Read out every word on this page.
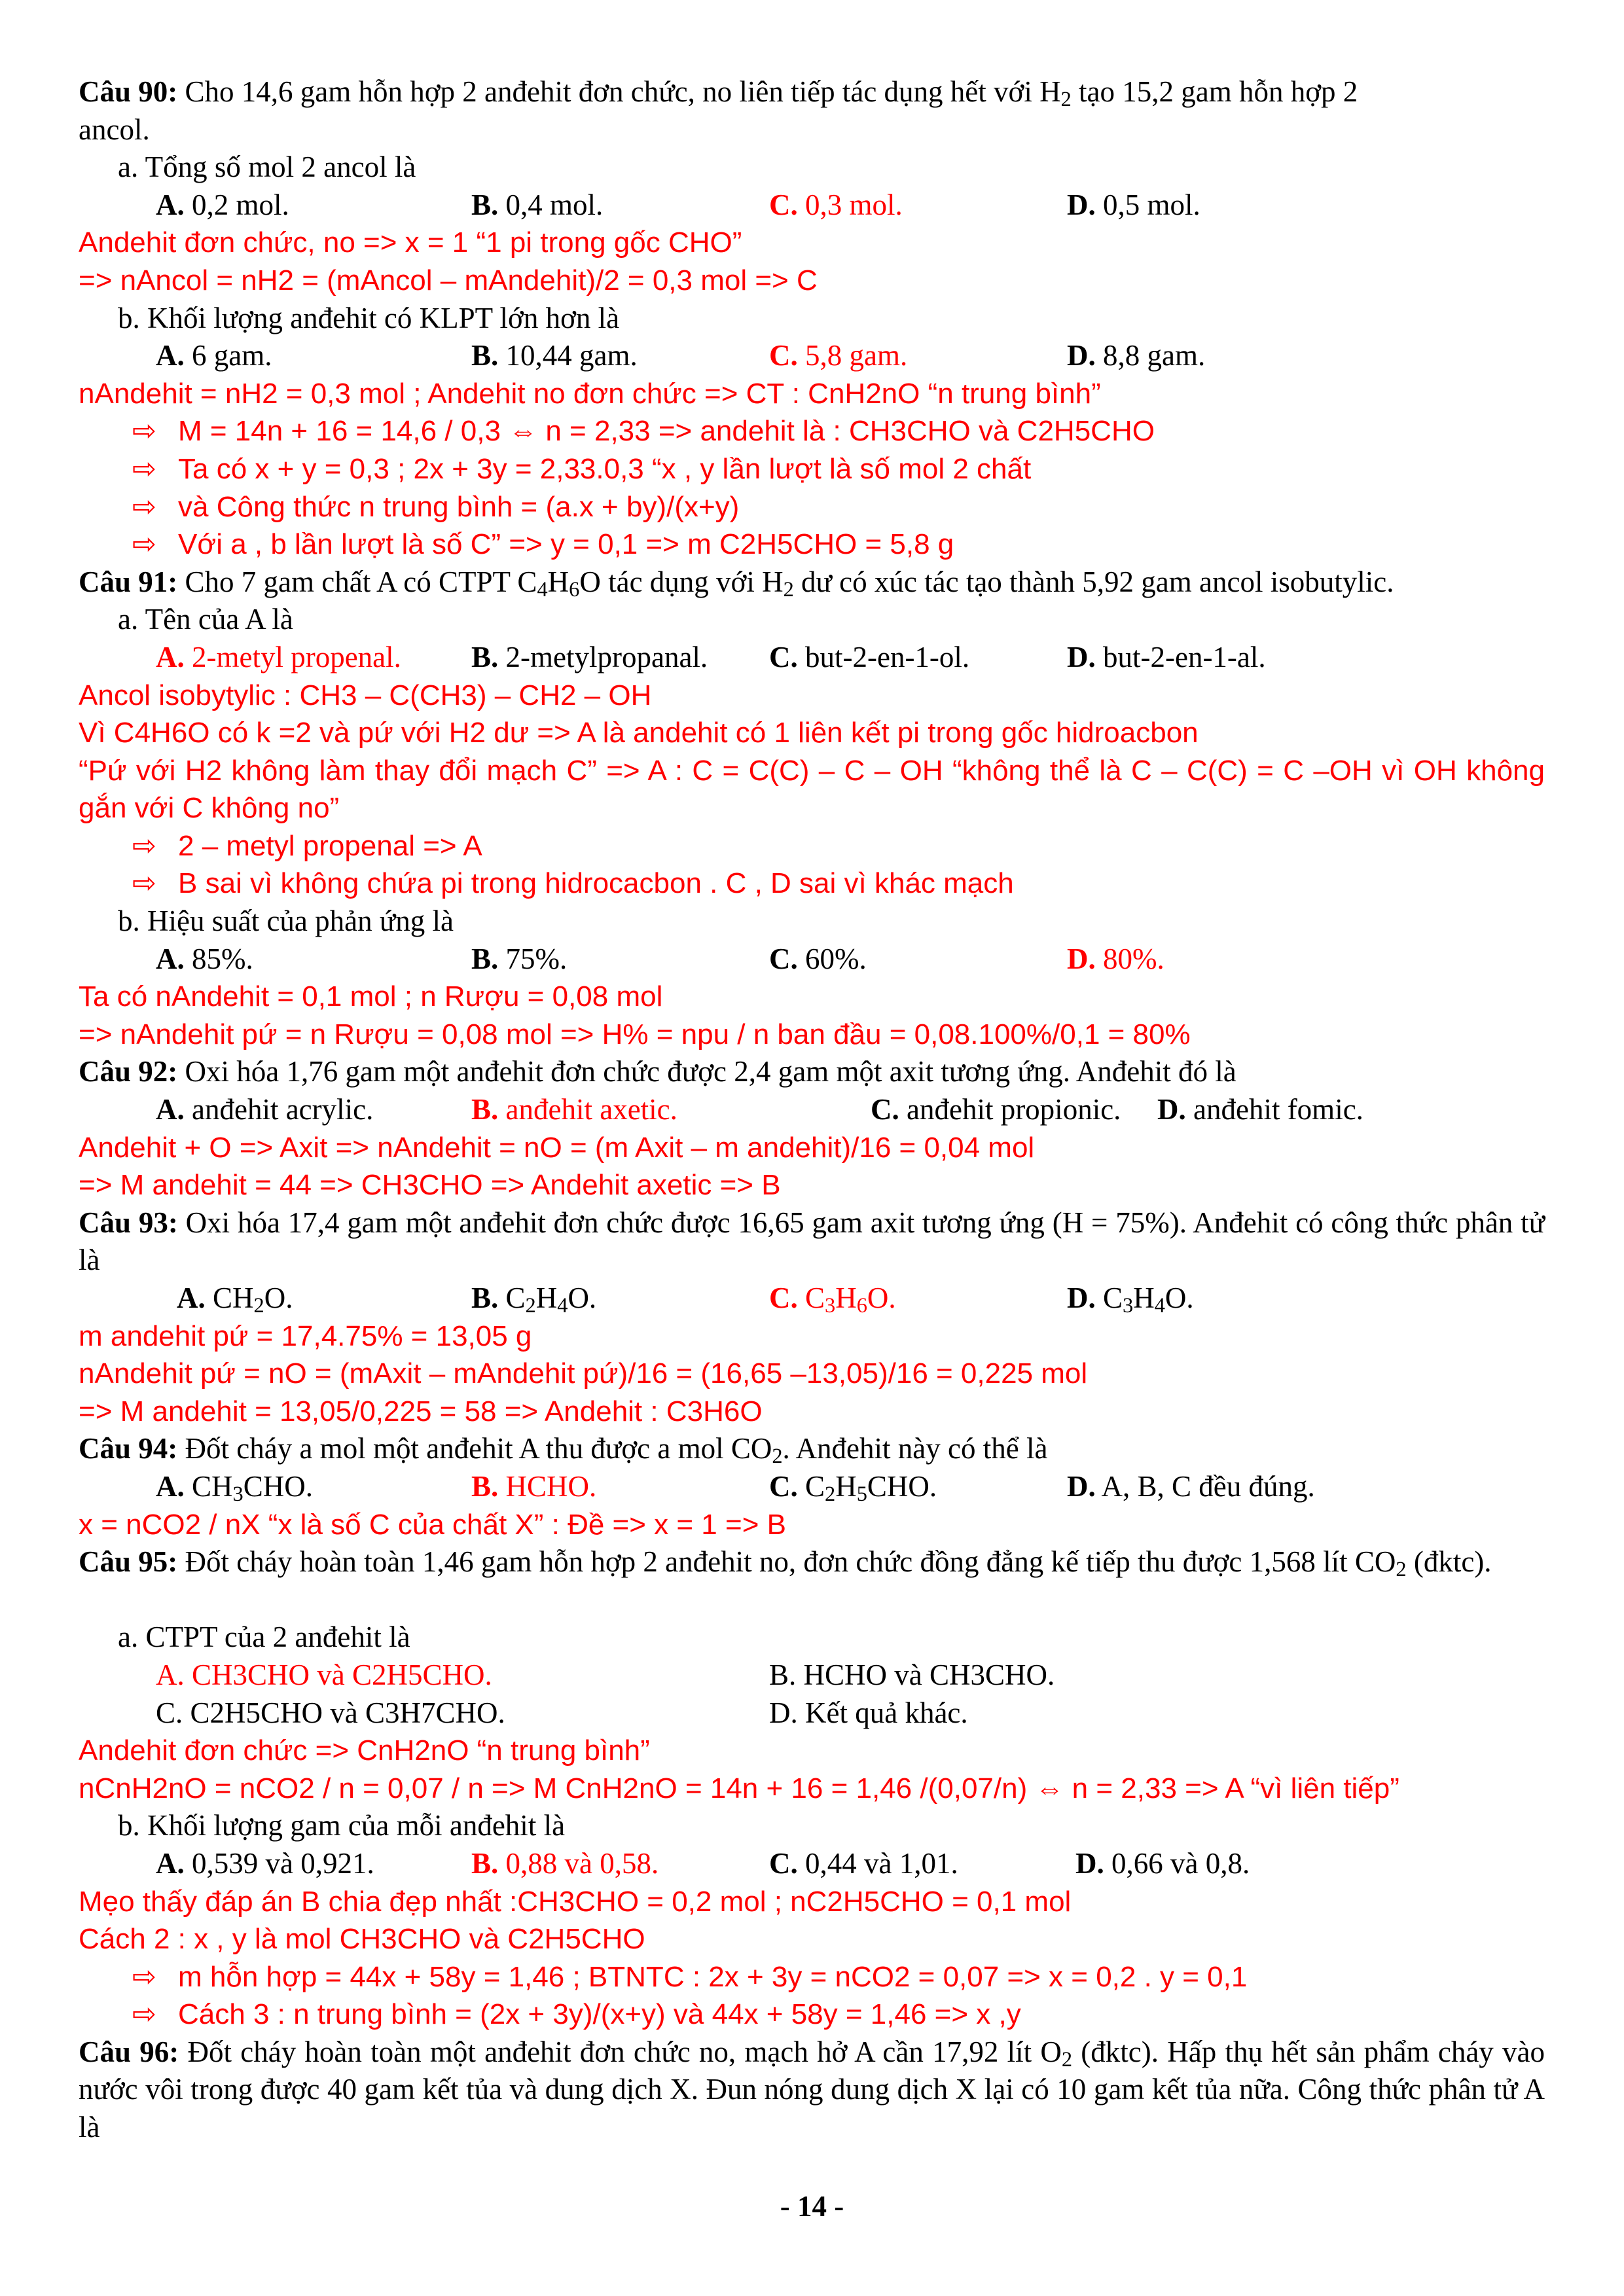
Câu 90: Cho 14,6 gam hỗn hợp 2 anđehit đơn chức, no liên tiếp tác dụng hết với $H_2$ tạo 15,2 gam hỗn hợp 2
ancol.
a. Tổng số mol 2 ancol là
A. 0,2 mol.	B. 0,4 mol.	C. 0,3 mol.	D. 0,5 mol.
Andehit đơn chức, no => x = 1 “1 pi trong gốc CHO”
=> nAncol = nH2 = (mAncol – mAndehit)/2 = 0,3 mol => C
b. Khối lượng anđehit có KLPT lớn hơn là
A. 6 gam.	B. 10,44 gam.	C. 5,8 gam.	D. 8,8 gam.
nAndehit = nH2 = 0,3 mol ; Andehit no đơn chức => CT : CnH2nO “n trung bình”
⇨ M = 14n + 16 = 14,6 / 0,3 ⇔ n = 2,33 => andehit là : CH3CHO và C2H5CHO
⇨ Ta có x + y = 0,3 ; 2x + 3y = 2,33.0,3 “x , y lần lượt là số mol 2 chất
⇨ và Công thức n trung bình = (a.x + by)/(x+y)
⇨ Với a , b lần lượt là số C” => y = 0,1 => m C2H5CHO = 5,8 g
Câu 91: Cho 7 gam chất A có CTPT $C_4H_6O$ tác dụng với $H_2$ dư có xúc tác tạo thành 5,92 gam ancol isobutylic.
a. Tên của A là
A. 2-metyl propenal. B. 2-metylpropanal. C. but-2-en-1-ol.	D. but-2-en-1-al.
Ancol isobytylic : CH3 – C(CH3) – CH2 – OH
Vì C4H6O có k =2 và pứ với H2 dư => A là andehit có 1 liên kết pi trong gốc hidroacbon
“Pứ với H2 không làm thay đổi mạch C” => A : C = C(C) – C – OH “không thể là C – C(C) = C –OH vì OH không gắn với C không no”
⇨ 2 – metyl propenal => A
⇨ B sai vì không chứa pi trong hidrocacbon . C , D sai vì khác mạch
b. Hiệu suất của phản ứng là
A. 85%.	B. 75%.	C. 60%.	D. 80%.
Ta có nAndehit = 0,1 mol ; n Rượu = 0,08 mol
=> nAndehit pứ = n Rượu = 0,08 mol => H% = npu / n ban đầu = 0,08.100%/0,1 = 80%
Câu 92: Oxi hóa 1,76 gam một anđehit đơn chức được 2,4 gam một axit tương ứng. Anđehit đó là
A. anđehit acrylic.	B. anđehit axetic.	C. anđehit propionic. D. anđehit fomic.
Andehit + O => Axit => nAndehit = nO = (m Axit – m andehit)/16 = 0,04 mol
=> M andehit = 44 => CH3CHO => Andehit axetic => B
Câu 93: Oxi hóa 17,4 gam một anđehit đơn chức được 16,65 gam axit tương ứng (H = 75%). Anđehit có công thức phân tử là
A. $CH_2O$.	B. $C_2H_4O$.	C. $C_3H_6O$.	D. $C_3H_4O$.
m andehit pứ = 17,4.75% = 13,05 g
nAndehit pứ = nO = (mAxit – mAndehit pứ)/16 = (16,65 –13,05)/16 = 0,225 mol
=> M andehit = 13,05/0,225 = 58 => Andehit : C3H6O
Câu 94: Đốt cháy a mol một anđehit A thu được a mol $CO_2$. Anđehit này có thể là
A. $CH_3CHO$.	B. HCHO.	C. $C_2H_5CHO$.	D. A, B, C đều đúng.
x = nCO2 / nX “x là số C của chất X” : Đề => x = 1 => B
Câu 95: Đốt cháy hoàn toàn 1,46 gam hỗn hợp 2 anđehit no, đơn chức đồng đẳng kế tiếp thu được 1,568 lít $CO_2$ (đktc).
a. CTPT của 2 anđehit là
A. CH3CHO và C2H5CHO.	B. HCHO và CH3CHO.
C. C2H5CHO và C3H7CHO.	D. Kết quả khác.
Andehit đơn chức => CnH2nO “n trung bình”
nCnH2nO = nCO2 / n = 0,07 / n => M CnH2nO = 14n + 16 = 1,46 /(0,07/n) ⇔ n = 2,33 => A “vì liên tiếp”
b. Khối lượng gam của mỗi anđehit là
A. 0,539 và 0,921.	B. 0,88 và 0,58.	C. 0,44 và 1,01.	D. 0,66 và 0,8.
Mẹo thấy đáp án B chia đẹp nhất :CH3CHO = 0,2 mol ; nC2H5CHO = 0,1 mol
Cách 2 : x , y là mol CH3CHO và C2H5CHO
⇨ m hỗn hợp = 44x + 58y = 1,46 ; BTNTC : 2x + 3y = nCO2 = 0,07 => x = 0,2 . y = 0,1
⇨ Cách 3 : n trung bình = (2x + 3y)/(x+y) và 44x + 58y = 1,46 => x ,y
Câu 96: Đốt cháy hoàn toàn một anđehit đơn chức no, mạch hở A cần 17,92 lít $O_2$ (đktc). Hấp thụ hết sản phẩm cháy vào nước vôi trong được 40 gam kết tủa và dung dịch X. Đun nóng dung dịch X lại có 10 gam kết tủa nữa. Công thức phân tử A là
- 14 -
